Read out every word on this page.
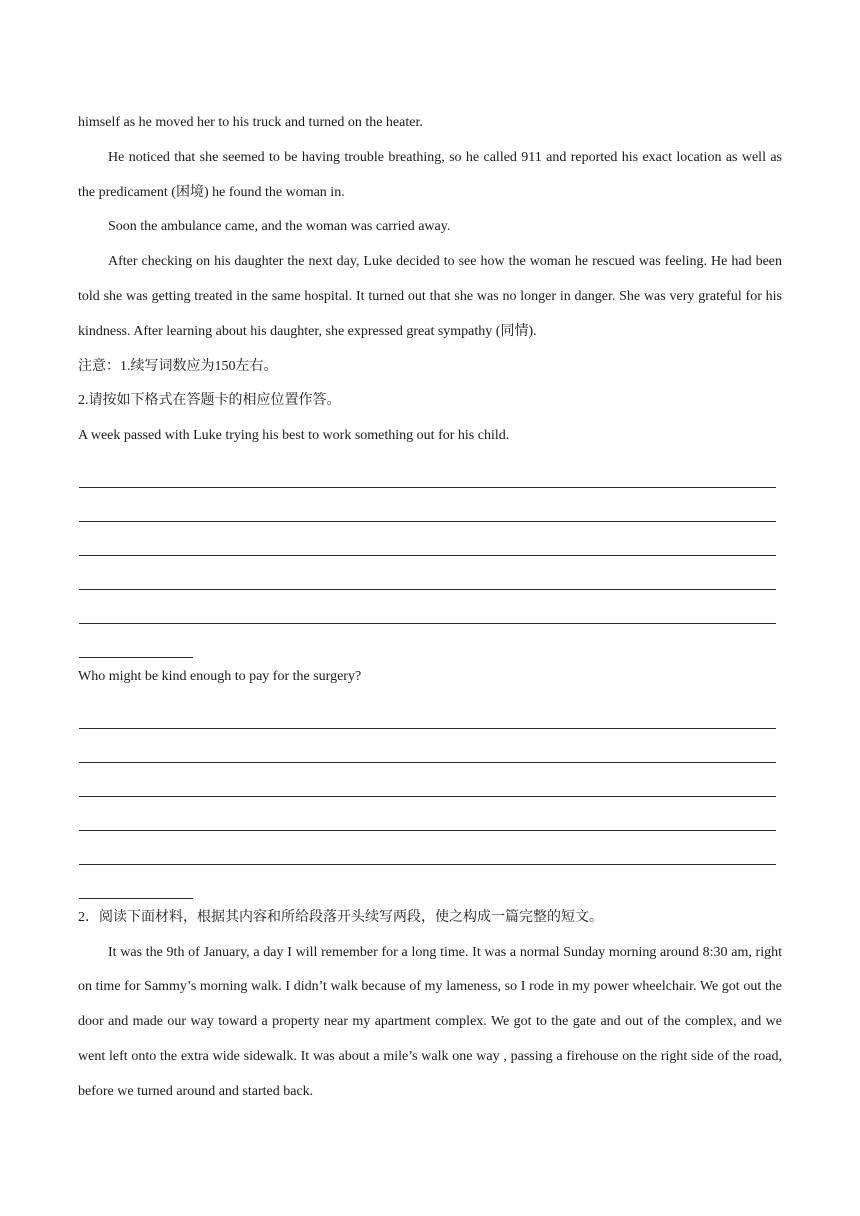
himself as he moved her to his truck and turned on the heater.

He noticed that she seemed to be having trouble breathing, so he called 911 and reported his exact location as well as the predicament (困境) he found the woman in.

Soon the ambulance came, and the woman was carried away.

After checking on his daughter the next day, Luke decided to see how the woman he rescued was feeling. He had been told she was getting treated in the same hospital. It turned out that she was no longer in danger. She was very grateful for his kindness. After learning about his daughter, she expressed great sympathy (同情).

注意：1.续写词数应为150左右。

2.请按如下格式在答题卡的相应位置作答。

A week passed with Luke trying his best to work something out for his child.

Who might be kind enough to pay for the surgery?

2．阅读下面材料，根据其内容和所给段落开头续写两段，使之构成一篇完整的短文。

It was the 9th of January, a day I will remember for a long time. It was a normal Sunday morning around 8:30 am, right on time for Sammy’s morning walk. I didn’t walk because of my lameness, so I rode in my power wheelchair. We got out the door and made our way toward a property near my apartment complex. We got to the gate and out of the complex, and we went left onto the extra wide sidewalk. It was about a mile’s walk one way , passing a firehouse on the right side of the road, before we turned around and started back.
